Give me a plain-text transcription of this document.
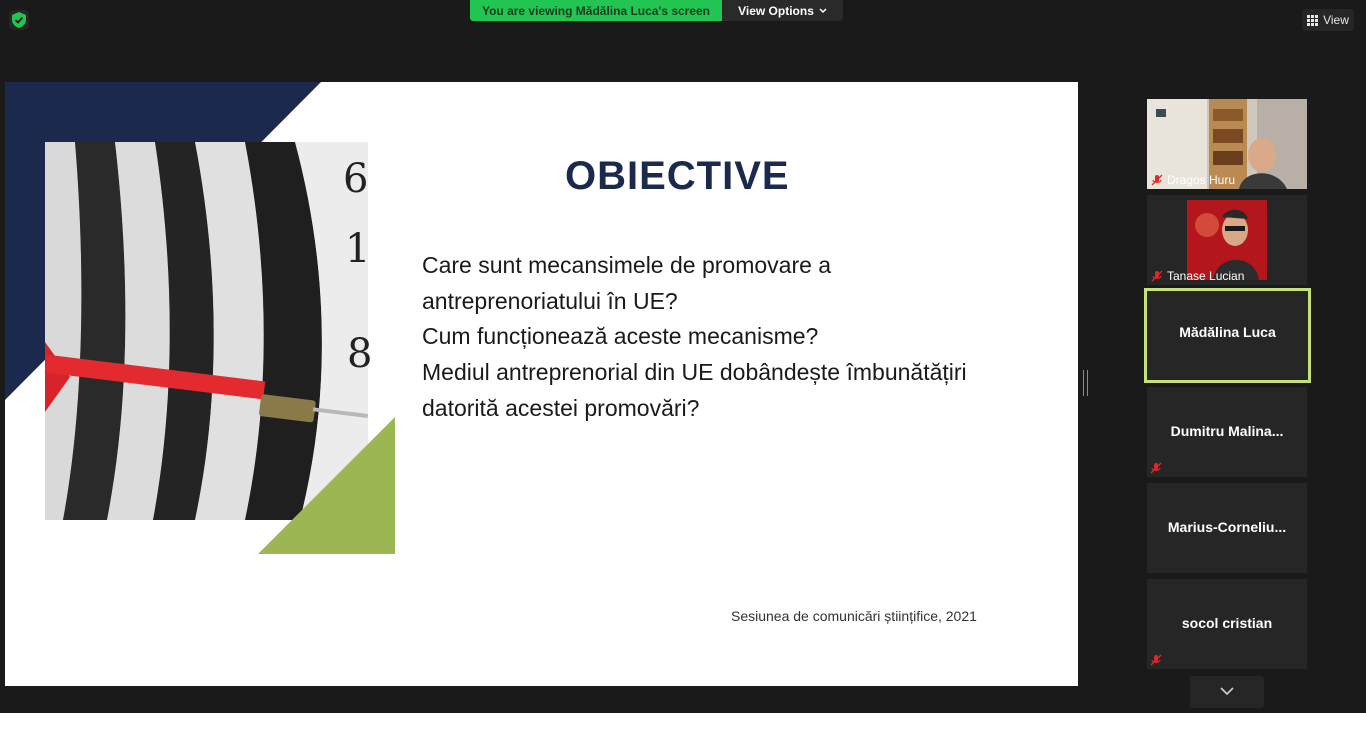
You are viewing Mădălina Luca's screen	View Options
View
6
1
8
OBIECTIVE
Care sunt mecansimele de promovare a
antreprenoriatului în UE?
Cum funcționează aceste mecanisme?
Mediul antreprenorial din UE dobândește îmbunătățiri
datorită acestei promovări?
Sesiunea de comunicări științifice, 2021
Dragos Huru
Tanase Lucian
Mădălina Luca
Dumitru Malina...
Marius-Corneliu...
socol cristian
